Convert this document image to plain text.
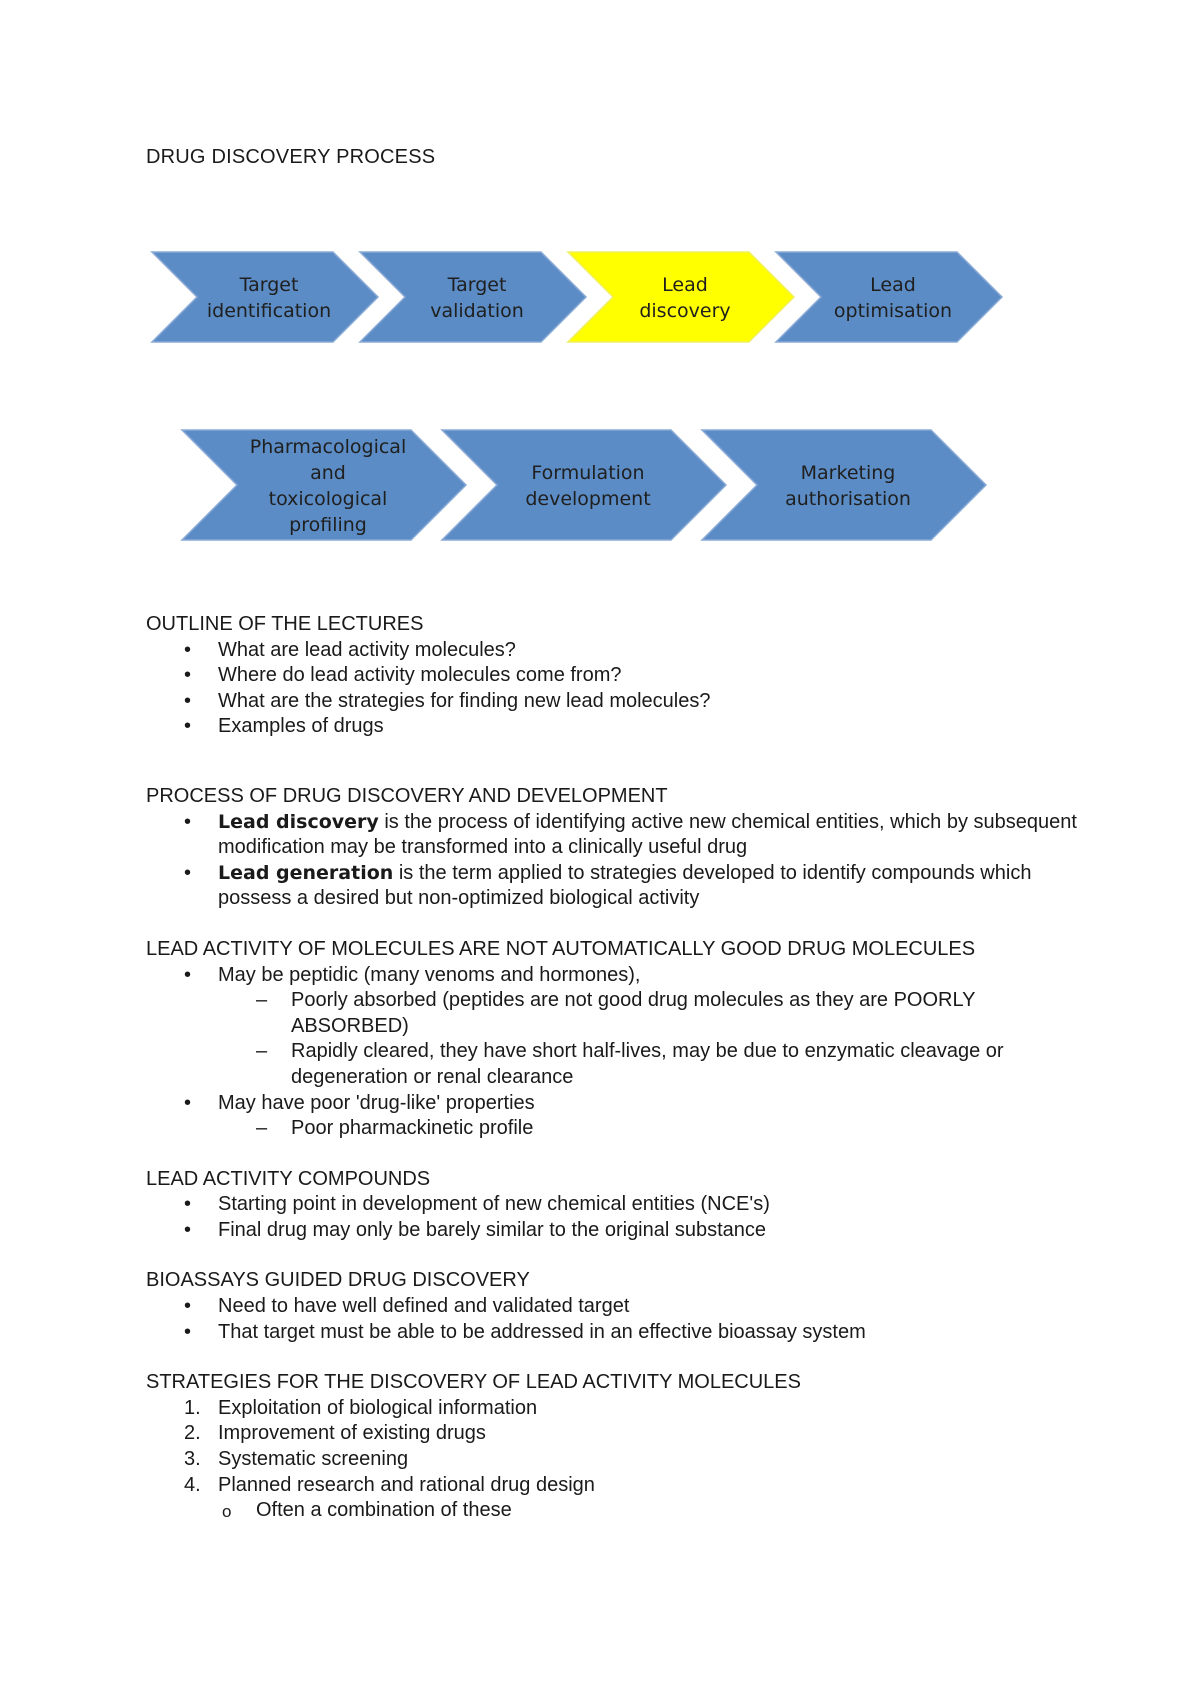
DRUG DISCOVERY PROCESS
Target
identification
Target
validation
Lead
discovery
Lead
optimisation
Pharmacological
and
toxicological
profiling
Formulation
development
Marketing
authorisation
OUTLINE OF THE LECTURES
• What are lead activity molecules?
• Where do lead activity molecules come from?
• What are the strategies for finding new lead molecules?
• Examples of drugs
PROCESS OF DRUG DISCOVERY AND DEVELOPMENT
• Lead discovery is the process of identifying active new chemical entities, which by subsequent modification may be transformed into a clinically useful drug
• Lead generation is the term applied to strategies developed to identify compounds which possess a desired but non-optimized biological activity
LEAD ACTIVITY OF MOLECULES ARE NOT AUTOMATICALLY GOOD DRUG MOLECULES
• May be peptidic (many venoms and hormones),
– Poorly absorbed (peptides are not good drug molecules as they are POORLY ABSORBED)
– Rapidly cleared, they have short half-lives, may be due to enzymatic cleavage or degeneration or renal clearance
• May have poor 'drug-like' properties
– Poor pharmackinetic profile
LEAD ACTIVITY COMPOUNDS
• Starting point in development of new chemical entities (NCE's)
• Final drug may only be barely similar to the original substance
BIOASSAYS GUIDED DRUG DISCOVERY
• Need to have well defined and validated target
• That target must be able to be addressed in an effective bioassay system
STRATEGIES FOR THE DISCOVERY OF LEAD ACTIVITY MOLECULES
1. Exploitation of biological information
2. Improvement of existing drugs
3. Systematic screening
4. Planned research and rational drug design
o Often a combination of these
